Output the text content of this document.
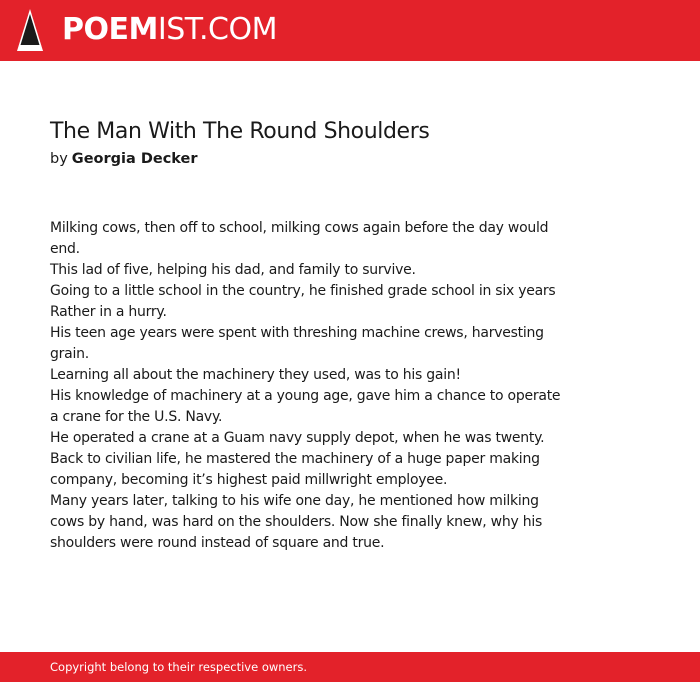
POEMIST.COM
The Man With The Round Shoulders
by Georgia Decker
Milking cows, then off to school, milking cows again before the day would end.
This lad of five, helping his dad, and family to survive.
Going to a little school in the country, he finished grade school in six years
Rather in a hurry.
His teen age years were spent with threshing machine crews, harvesting grain.
Learning all about the machinery they used, was to his gain!
His knowledge of machinery at a young age, gave him a chance to operate a crane for the U.S. Navy.
He operated a crane at a Guam navy supply depot, when he was twenty.
Back to civilian life, he mastered the machinery of a huge paper making company, becoming it’s highest paid millwright employee.
Many years later, talking to his wife one day, he mentioned how milking cows by hand, was hard on the shoulders. Now she finally knew, why his shoulders were round instead of square and true.
Copyright belong to their respective owners.
